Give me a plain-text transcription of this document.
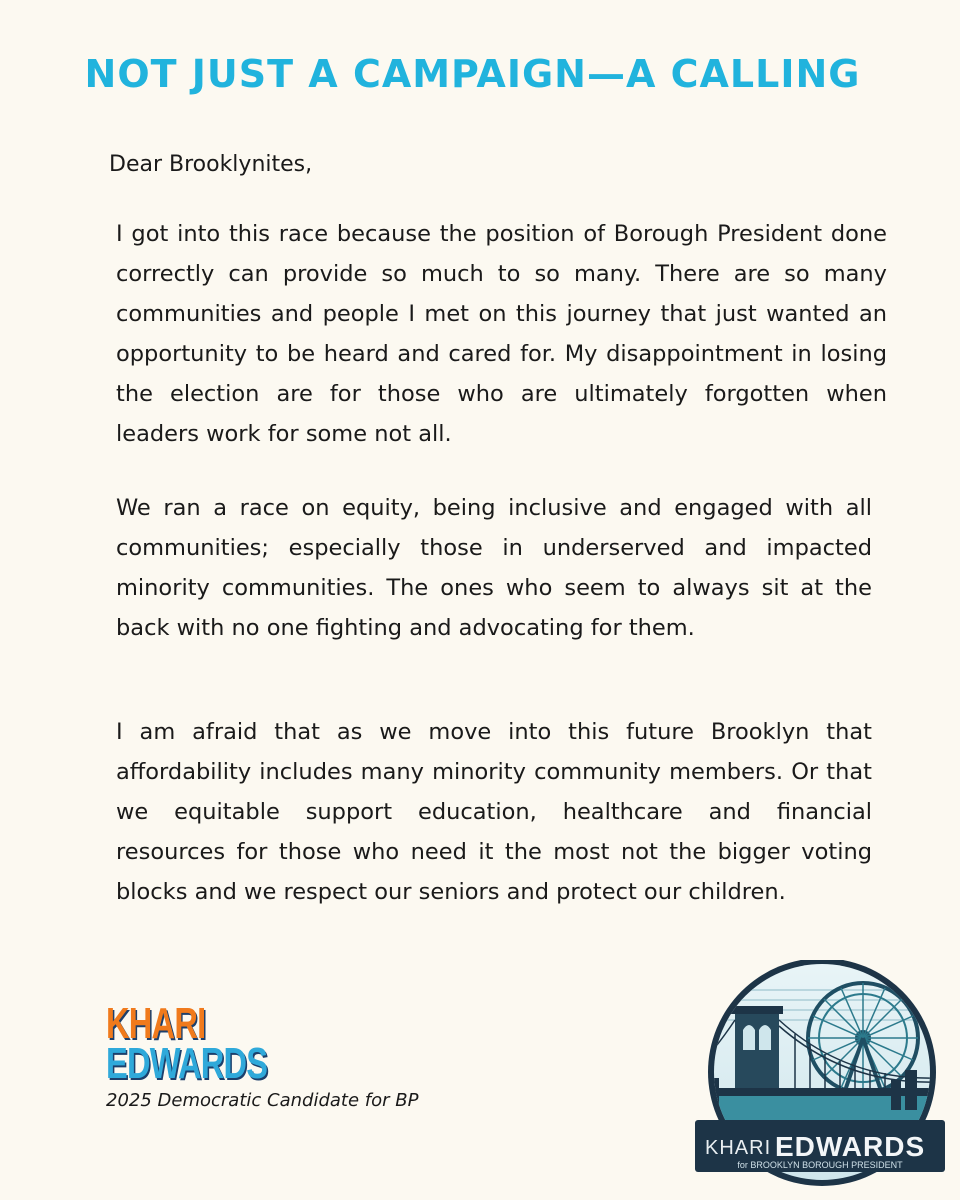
NOT JUST A CAMPAIGN—A CALLING
Dear Brooklynites,

I got into this race because the position of Borough President done correctly can provide so much to so many. There are so many communities and people I met on this journey that just wanted an opportunity to be heard and cared for. My disappointment in losing the election are for those who are ultimately forgotten when leaders work for some not all.

We ran a race on equity, being inclusive and engaged with all communities; especially those in underserved and impacted minority communities. The ones who seem to always sit at the back with no one fighting and advocating for them.

I am afraid that as we move into this future Brooklyn that affordability includes many minority community members. Or that we equitable support education, healthcare and financial resources for those who need it the most not the bigger voting blocks and we respect our seniors and protect our children.

KHARI
EDWARDS
2025 Democratic Candidate for BP
KHARI EDWARDS
for BROOKLYN BOROUGH PRESIDENT
